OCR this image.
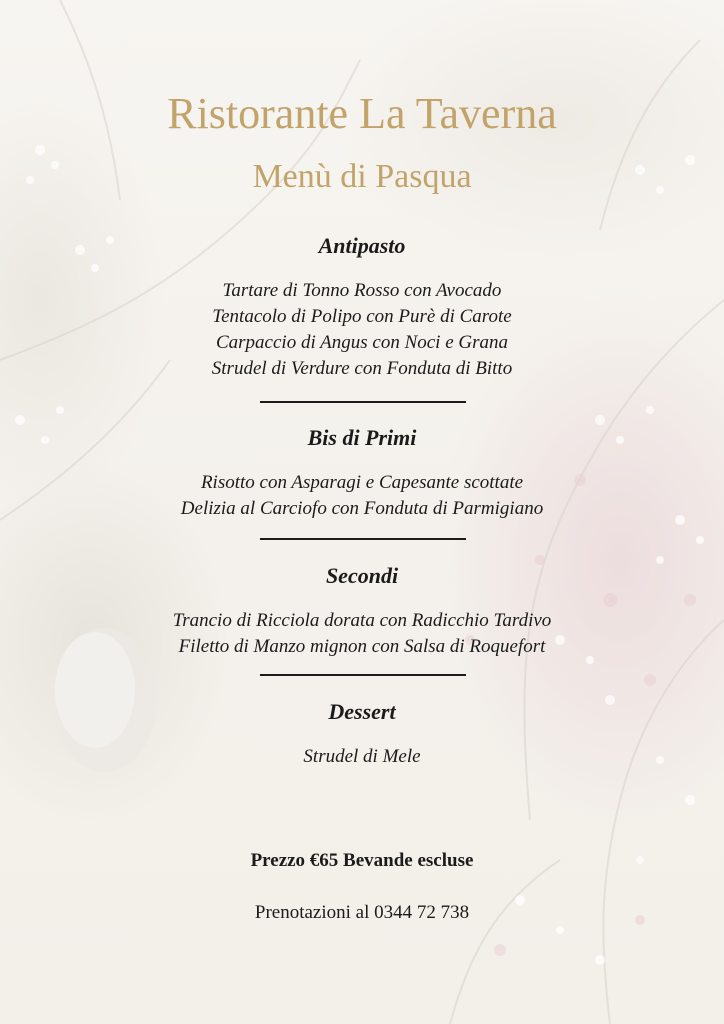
Ristorante La Taverna
Menù di Pasqua

Antipasto

Tartare di Tonno Rosso con Avocado

Tentacolo di Polipo con Purè di Carote

Carpaccio di Angus con Noci e Grana

Strudel di Verdure con Fonduta di Bitto

Bis di Primi

Risotto con Asparagi e Capesante scottate

Delizia al Carciofo con Fonduta di Parmigiano

Secondi

Trancio di Ricciola dorata con Radicchio Tardivo

Filetto di Manzo mignon con Salsa di Roquefort

Dessert

Strudel di Mele

Prezzo €65 Bevande escluse

Prenotazioni al 0344 72 738
